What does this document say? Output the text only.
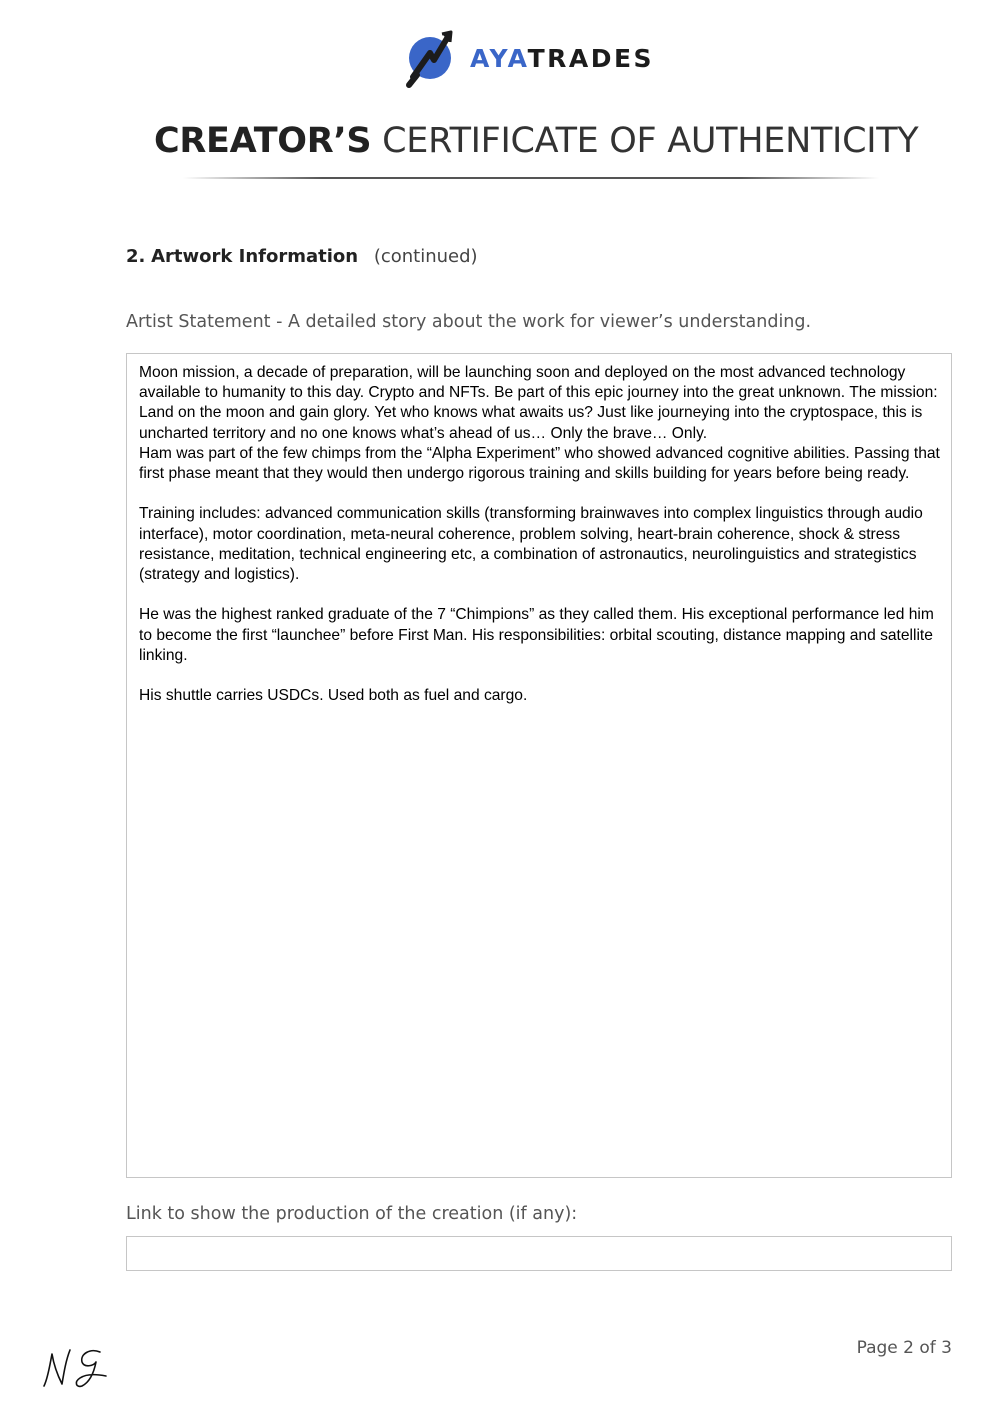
AYATRADES
CREATOR’S CERTIFICATE OF AUTHENTICITY
2. Artwork Information (continued)
Artist Statement - A detailed story about the work for viewer’s understanding.

Moon mission, a decade of preparation, will be launching soon and deployed on the most advanced technology available to humanity to this day. Crypto and NFTs. Be part of this epic journey into the great unknown. The mission: Land on the moon and gain glory. Yet who knows what awaits us? Just like journeying into the cryptospace, this is uncharted territory and no one knows what’s ahead of us… Only the brave… Only.

Ham was part of the few chimps from the “Alpha Experiment” who showed advanced cognitive abilities. Passing that first phase meant that they would then undergo rigorous training and skills building for years before being ready.

Training includes: advanced communication skills (transforming brainwaves into complex linguistics through audio interface), motor coordination, meta-neural coherence, problem solving, heart-brain coherence, shock & stress resistance, meditation, technical engineering etc, a combination of astronautics, neurolinguistics and strategistics (strategy and logistics).

He was the highest ranked graduate of the 7 “Chimpions” as they called them. His exceptional performance led him to become the first “launchee” before First Man. His responsibilities: orbital scouting, distance mapping and satellite linking.

His shuttle carries USDCs. Used both as fuel and cargo.

Link to show the production of the creation (if any):
Page 2 of 3
